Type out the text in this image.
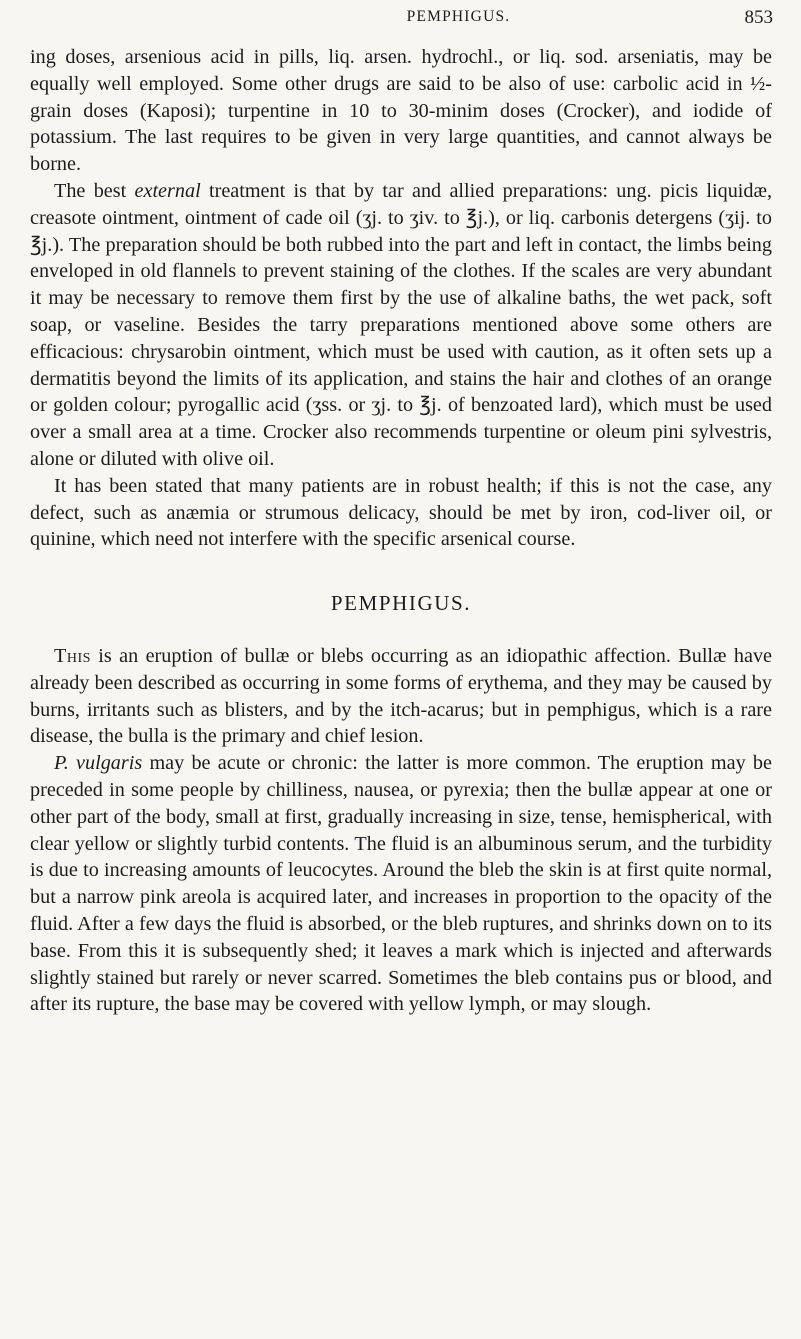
PEMPHIGUS.	853

ing doses, arsenious acid in pills, liq. arsen. hydrochl., or liq. sod. arseniatis, may be equally well employed. Some other drugs are said to be also of use: carbolic acid in ½-grain doses (Kaposi); turpentine in 10 to 30-minim doses (Crocker), and iodide of potassium. The last requires to be given in very large quantities, and cannot always be borne.

The best external treatment is that by tar and allied preparations: ung. picis liquidæ, creasote ointment, ointment of cade oil (ʒj. to ʒiv. to ℥j.), or liq. carbonis detergens (ʒij. to ℥j.). The preparation should be both rubbed into the part and left in contact, the limbs being enveloped in old flannels to prevent staining of the clothes. If the scales are very abundant it may be necessary to remove them first by the use of alkaline baths, the wet pack, soft soap, or vaseline. Besides the tarry preparations mentioned above some others are efficacious: chrysarobin ointment, which must be used with caution, as it often sets up a dermatitis beyond the limits of its application, and stains the hair and clothes of an orange or golden colour; pyrogallic acid (ʒss. or ʒj. to ℥j. of benzoated lard), which must be used over a small area at a time. Crocker also recommends turpentine or oleum pini sylvestris, alone or diluted with olive oil.

It has been stated that many patients are in robust health; if this is not the case, any defect, such as anæmia or strumous delicacy, should be met by iron, cod-liver oil, or quinine, which need not interfere with the specific arsenical course.

PEMPHIGUS.

This is an eruption of bullæ or blebs occurring as an idiopathic affection. Bullæ have already been described as occurring in some forms of erythema, and they may be caused by burns, irritants such as blisters, and by the itch-acarus; but in pemphigus, which is a rare disease, the bulla is the primary and chief lesion.

P. vulgaris may be acute or chronic: the latter is more common. The eruption may be preceded in some people by chilliness, nausea, or pyrexia; then the bullæ appear at one or other part of the body, small at first, gradually increasing in size, tense, hemispherical, with clear yellow or slightly turbid contents. The fluid is an albuminous serum, and the turbidity is due to increasing amounts of leucocytes. Around the bleb the skin is at first quite normal, but a narrow pink areola is acquired later, and increases in proportion to the opacity of the fluid. After a few days the fluid is absorbed, or the bleb ruptures, and shrinks down on to its base. From this it is subsequently shed; it leaves a mark which is injected and afterwards slightly stained but rarely or never scarred. Sometimes the bleb contains pus or blood, and after its rupture, the base may be covered with yellow lymph, or may slough.
